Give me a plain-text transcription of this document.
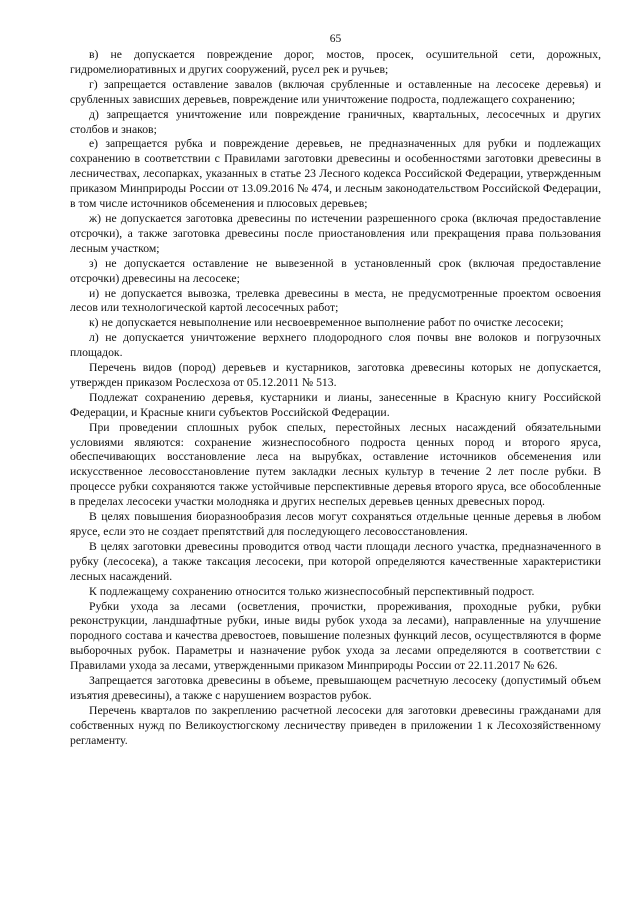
65

в) не допускается повреждение дорог, мостов, просек, осушительной сети, дорожных, гидромелиоративных и других сооружений, русел рек и ручьев;

г) запрещается оставление завалов (включая срубленные и оставленные на лесосеке деревья) и срубленных зависших деревьев, повреждение или уничтожение подроста, подлежащего сохранению;

д) запрещается уничтожение или повреждение граничных, квартальных, лесосечных и других столбов и знаков;

е) запрещается рубка и повреждение деревьев, не предназначенных для рубки и подлежащих сохранению в соответствии с Правилами заготовки древесины и особенностями заготовки древесины в лесничествах, лесопарках, указанных в статье 23 Лесного кодекса Российской Федерации, утвержденным приказом Минприроды России от 13.09.2016 № 474, и лесным законодательством Российской Федерации, в том числе источников обсеменения и плюсовых деревьев;

ж) не допускается заготовка древесины по истечении разрешенного срока (включая предоставление отсрочки), а также заготовка древесины после приостановления или прекращения права пользования лесным участком;

з) не допускается оставление не вывезенной в установленный срок (включая предоставление отсрочки) древесины на лесосеке;

и) не допускается вывозка, трелевка древесины в места, не предусмотренные проектом освоения лесов или технологической картой лесосечных работ;

к) не допускается невыполнение или несвоевременное выполнение работ по очистке лесосеки;

л) не допускается уничтожение верхнего плодородного слоя почвы вне волоков и погрузочных площадок.

Перечень видов (пород) деревьев и кустарников, заготовка древесины которых не допускается, утвержден приказом Рослесхоза от 05.12.2011 № 513.

Подлежат сохранению деревья, кустарники и лианы, занесенные в Красную книгу Российской Федерации, и Красные книги субъектов Российской Федерации.

При проведении сплошных рубок спелых, перестойных лесных насаждений обязательными условиями являются: сохранение жизнеспособного подроста ценных пород и второго яруса, обеспечивающих восстановление леса на вырубках, оставление источников обсеменения или искусственное лесовосстановление путем закладки лесных культур в течение 2 лет после рубки. В процессе рубки сохраняются также устойчивые перспективные деревья второго яруса, все обособленные в пределах лесосеки участки молодняка и других неспелых деревьев ценных древесных пород.

В целях повышения биоразнообразия лесов могут сохраняться отдельные ценные деревья в любом ярусе, если это не создает препятствий для последующего лесовосстановления.

В целях заготовки древесины проводится отвод части площади лесного участка, предназначенного в рубку (лесосека), а также таксация лесосеки, при которой определяются качественные характеристики лесных насаждений.

К подлежащему сохранению относится только жизнеспособный перспективный подрост.

Рубки ухода за лесами (осветления, прочистки, прореживания, проходные рубки, рубки реконструкции, ландшафтные рубки, иные виды рубок ухода за лесами), направленные на улучшение породного состава и качества древостоев, повышение полезных функций лесов, осуществляются в форме выборочных рубок. Параметры и назначение рубок ухода за лесами определяются в соответствии с Правилами ухода за лесами, утвержденными приказом Минприроды России от 22.11.2017 № 626.

Запрещается заготовка древесины в объеме, превышающем расчетную лесосеку (допустимый объем изъятия древесины), а также с нарушением возрастов рубок.

Перечень кварталов по закреплению расчетной лесосеки для заготовки древесины гражданами для собственных нужд по Великоустюгскому лесничеству приведен в приложении 1 к Лесохозяйственному регламенту.
